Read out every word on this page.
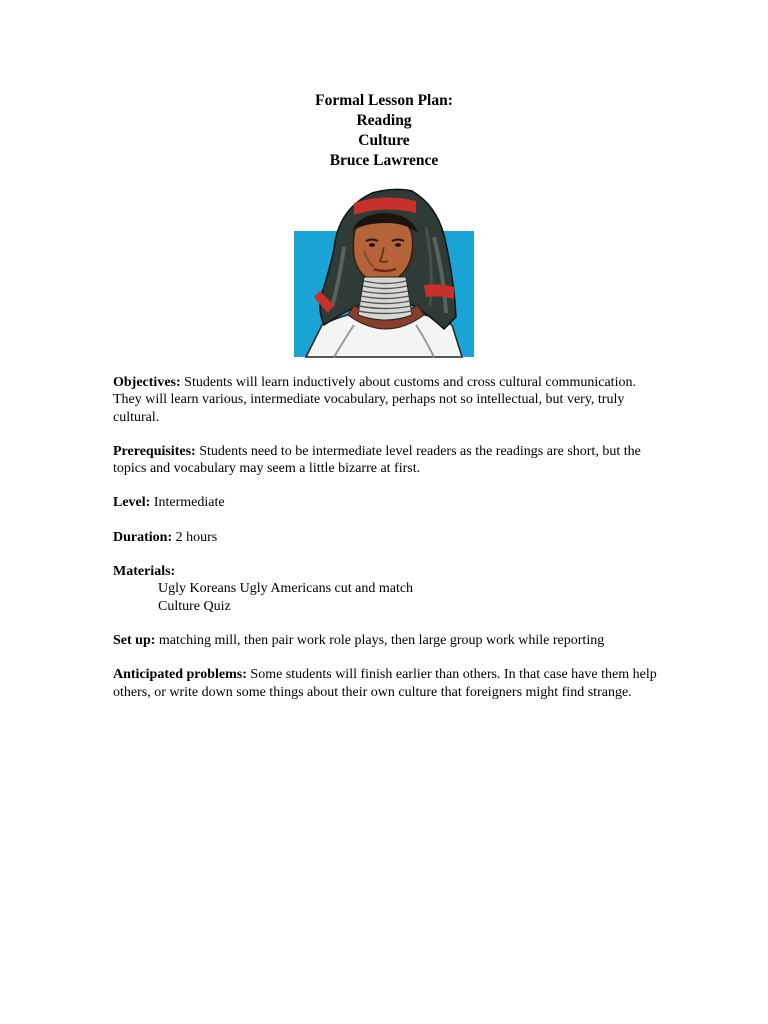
Formal Lesson Plan:
Reading
Culture
Bruce Lawrence

Objectives: Students will learn inductively about customs and cross cultural communication. They will learn various, intermediate vocabulary, perhaps not so intellectual, but very, truly cultural.

Prerequisites: Students need to be intermediate level readers as the readings are short, but the topics and vocabulary may seem a little bizarre at first.

Level: Intermediate

Duration: 2 hours

Materials:
Ugly Koreans Ugly Americans cut and match
Culture Quiz

Set up: matching mill, then pair work role plays, then large group work while reporting

Anticipated problems: Some students will finish earlier than others. In that case have them help others, or write down some things about their own culture that foreigners might find strange.
